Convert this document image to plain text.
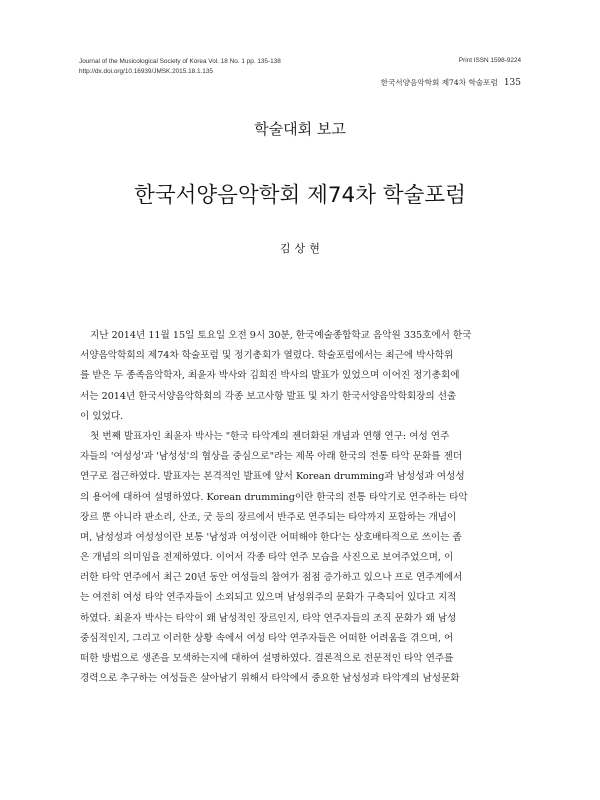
Journal of the Musicological Society of Korea Vol. 18 No. 1 pp. 135-138
http://dx.doi.org/10.16939/JMSK.2015.18.1.135
Print ISSN 1598-9224
한국서양음악학회 제74차 학술포럼 135
학술대회 보고
한국서양음악학회 제74차 학술포럼
김 상 현
지난 2014년 11월 15일 토요일 오전 9시 30분, 한국예술종합학교 음악원 335호에서 한국
서양음악학회의 제74차 학술포럼 및 정기총회가 열렸다. 학술포럼에서는 최근에 박사학위
를 받은 두 종족음악학자, 최윤자 박사와 김희진 박사의 발표가 있었으며 이어진 정기총회에
서는 2014년 한국서양음악학회의 각종 보고사항 발표 및 차기 한국서양음악학회장의 선출
이 있었다.
첫 번째 발표자인 최윤자 박사는 "한국 타악계의 젠더화된 개념과 연행 연구: 여성 연주
자들의 '여성성'과 '남성성'의 협상을 중심으로"라는 제목 아래 한국의 전통 타악 문화를 젠더
연구로 접근하였다. 발표자는 본격적인 발표에 앞서 Korean drumming과 남성성과 여성성
의 용어에 대하여 설명하였다. Korean drumming이란 한국의 전통 타악기로 연주하는 타악
장르 뿐 아니라 판소리, 산조, 굿 등의 장르에서 반주로 연주되는 타악까지 포함하는 개념이
며, 남성성과 여성성이란 보통 '남성과 여성이란 어떠해야 한다'는 상호배타적으로 쓰이는 좁
은 개념의 의미임을 전제하였다. 이어서 각종 타악 연주 모습을 사진으로 보여주었으며, 이
러한 타악 연주에서 최근 20년 동안 여성들의 참여가 점점 증가하고 있으나 프로 연주계에서
는 여전히 여성 타악 연주자들이 소외되고 있으며 남성위주의 문화가 구축되어 있다고 지적
하였다. 최윤자 박사는 타악이 왜 남성적인 장르인지, 타악 연주자들의 조직 문화가 왜 남성
중심적인지, 그리고 이러한 상황 속에서 여성 타악 연주자들은 어떠한 어려움을 겪으며, 어
떠한 방법으로 생존을 모색하는지에 대하여 설명하였다. 결론적으로 전문적인 타악 연주를
경력으로 추구하는 여성들은 살아남기 위해서 타악에서 중요한 남성성과 타악계의 남성문화
